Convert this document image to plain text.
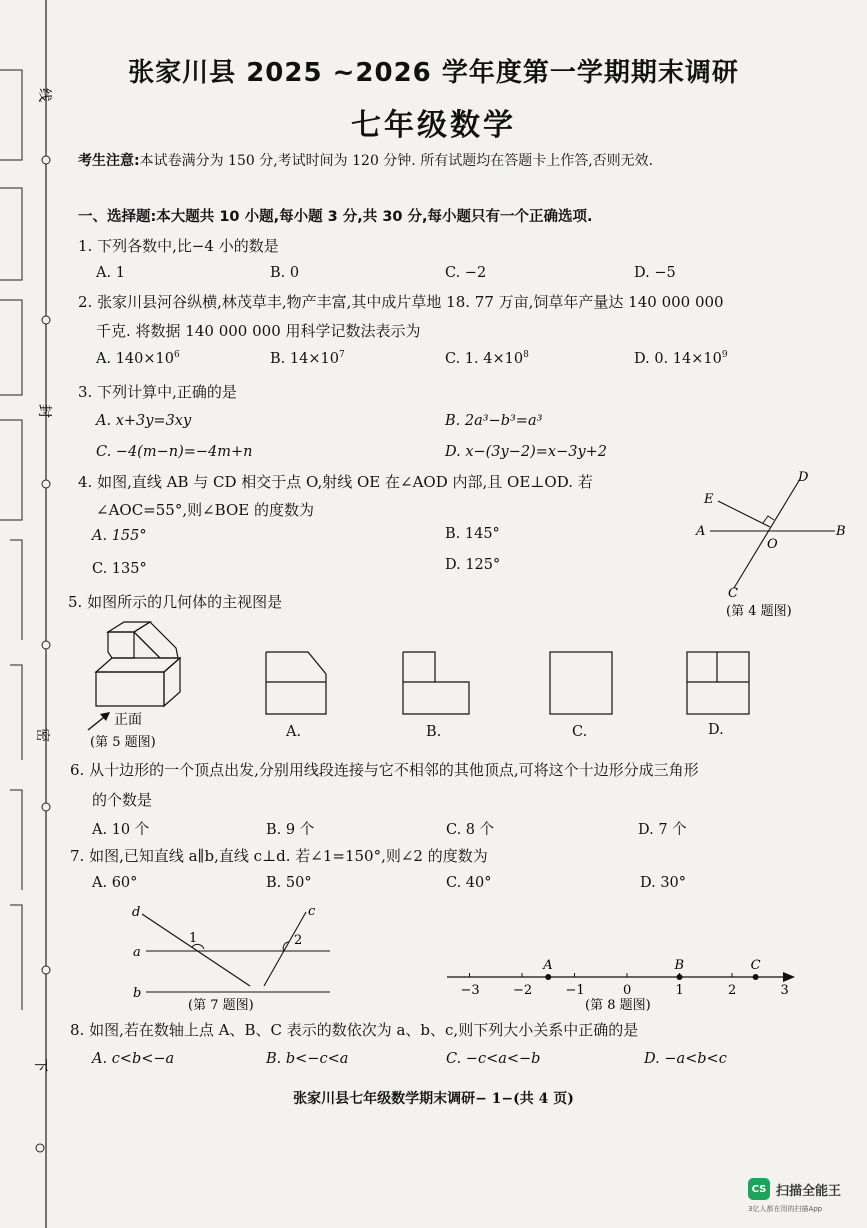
线
封
密
下
张家川县 2025 ~2026 学年度第一学期期末调研
七年级数学
考生注意:本试卷满分为 150 分,考试时间为 120 分钟. 所有试题均在答题卡上作答,否则无效.
一、选择题:本大题共 10 小题,每小题 3 分,共 30 分,每小题只有一个正确选项.
1. 下列各数中,比−4 小的数是
A. 1	B. 0	C. −2	D. −5
2. 张家川县河谷纵横,林茂草丰,物产丰富,其中成片草地 18. 77 万亩,饲草年产量达 140 000 000
千克. 将数据 140 000 000 用科学记数法表示为
A. $140\times 10^6$	B. $14\times 10^7$	C. 1. $4\times 10^8$	D. 0. $14\times 10^9$
3. 下列计算中,正确的是
A. x+3y=3xy	B. 2a³−b³=a³
C. −4(m−n)=−4m+n	D. x−(3y−2)=x−3y+2
4. 如图,直线 AB 与 CD 相交于点 O,射线 OE 在∠AOD 内部,且 OE⊥OD. 若
∠AOC=55°,则∠BOE 的度数为
A. 155°	B. 145°
C. 135°	D. 125°
A	B
C
D
E
O
(第 4 题图)
5. 如图所示的几何体的主视图是
正面
(第 5 题图)
A.	B.	C.	D.
6. 从十边形的一个顶点出发,分别用线段连接与它不相邻的其他顶点,可将这个十边形分成三角形
的个数是
A. 10 个	B. 9 个	C. 8 个	D. 7 个
7. 如图,已知直线 a∥b,直线 c⊥d. 若∠1=150°,则∠2 的度数为
A. 60°	B. 50°	C. 40°	D. 30°
d	c
a
b
1	2
(第 7 题图)
−3	−2	−1	0	1	2	3
A	B	C
(第 8 题图)
8. 如图,若在数轴上点 A、B、C 表示的数依次为 a、b、c,则下列大小关系中正确的是
A. c<b<−a	B. b<−c<a	C. −c<a<−b	D. −a<b<c
张家川县七年级数学期末调研− 1−(共 4 页)
CS 扫描全能王
3亿人都在用的扫描App
